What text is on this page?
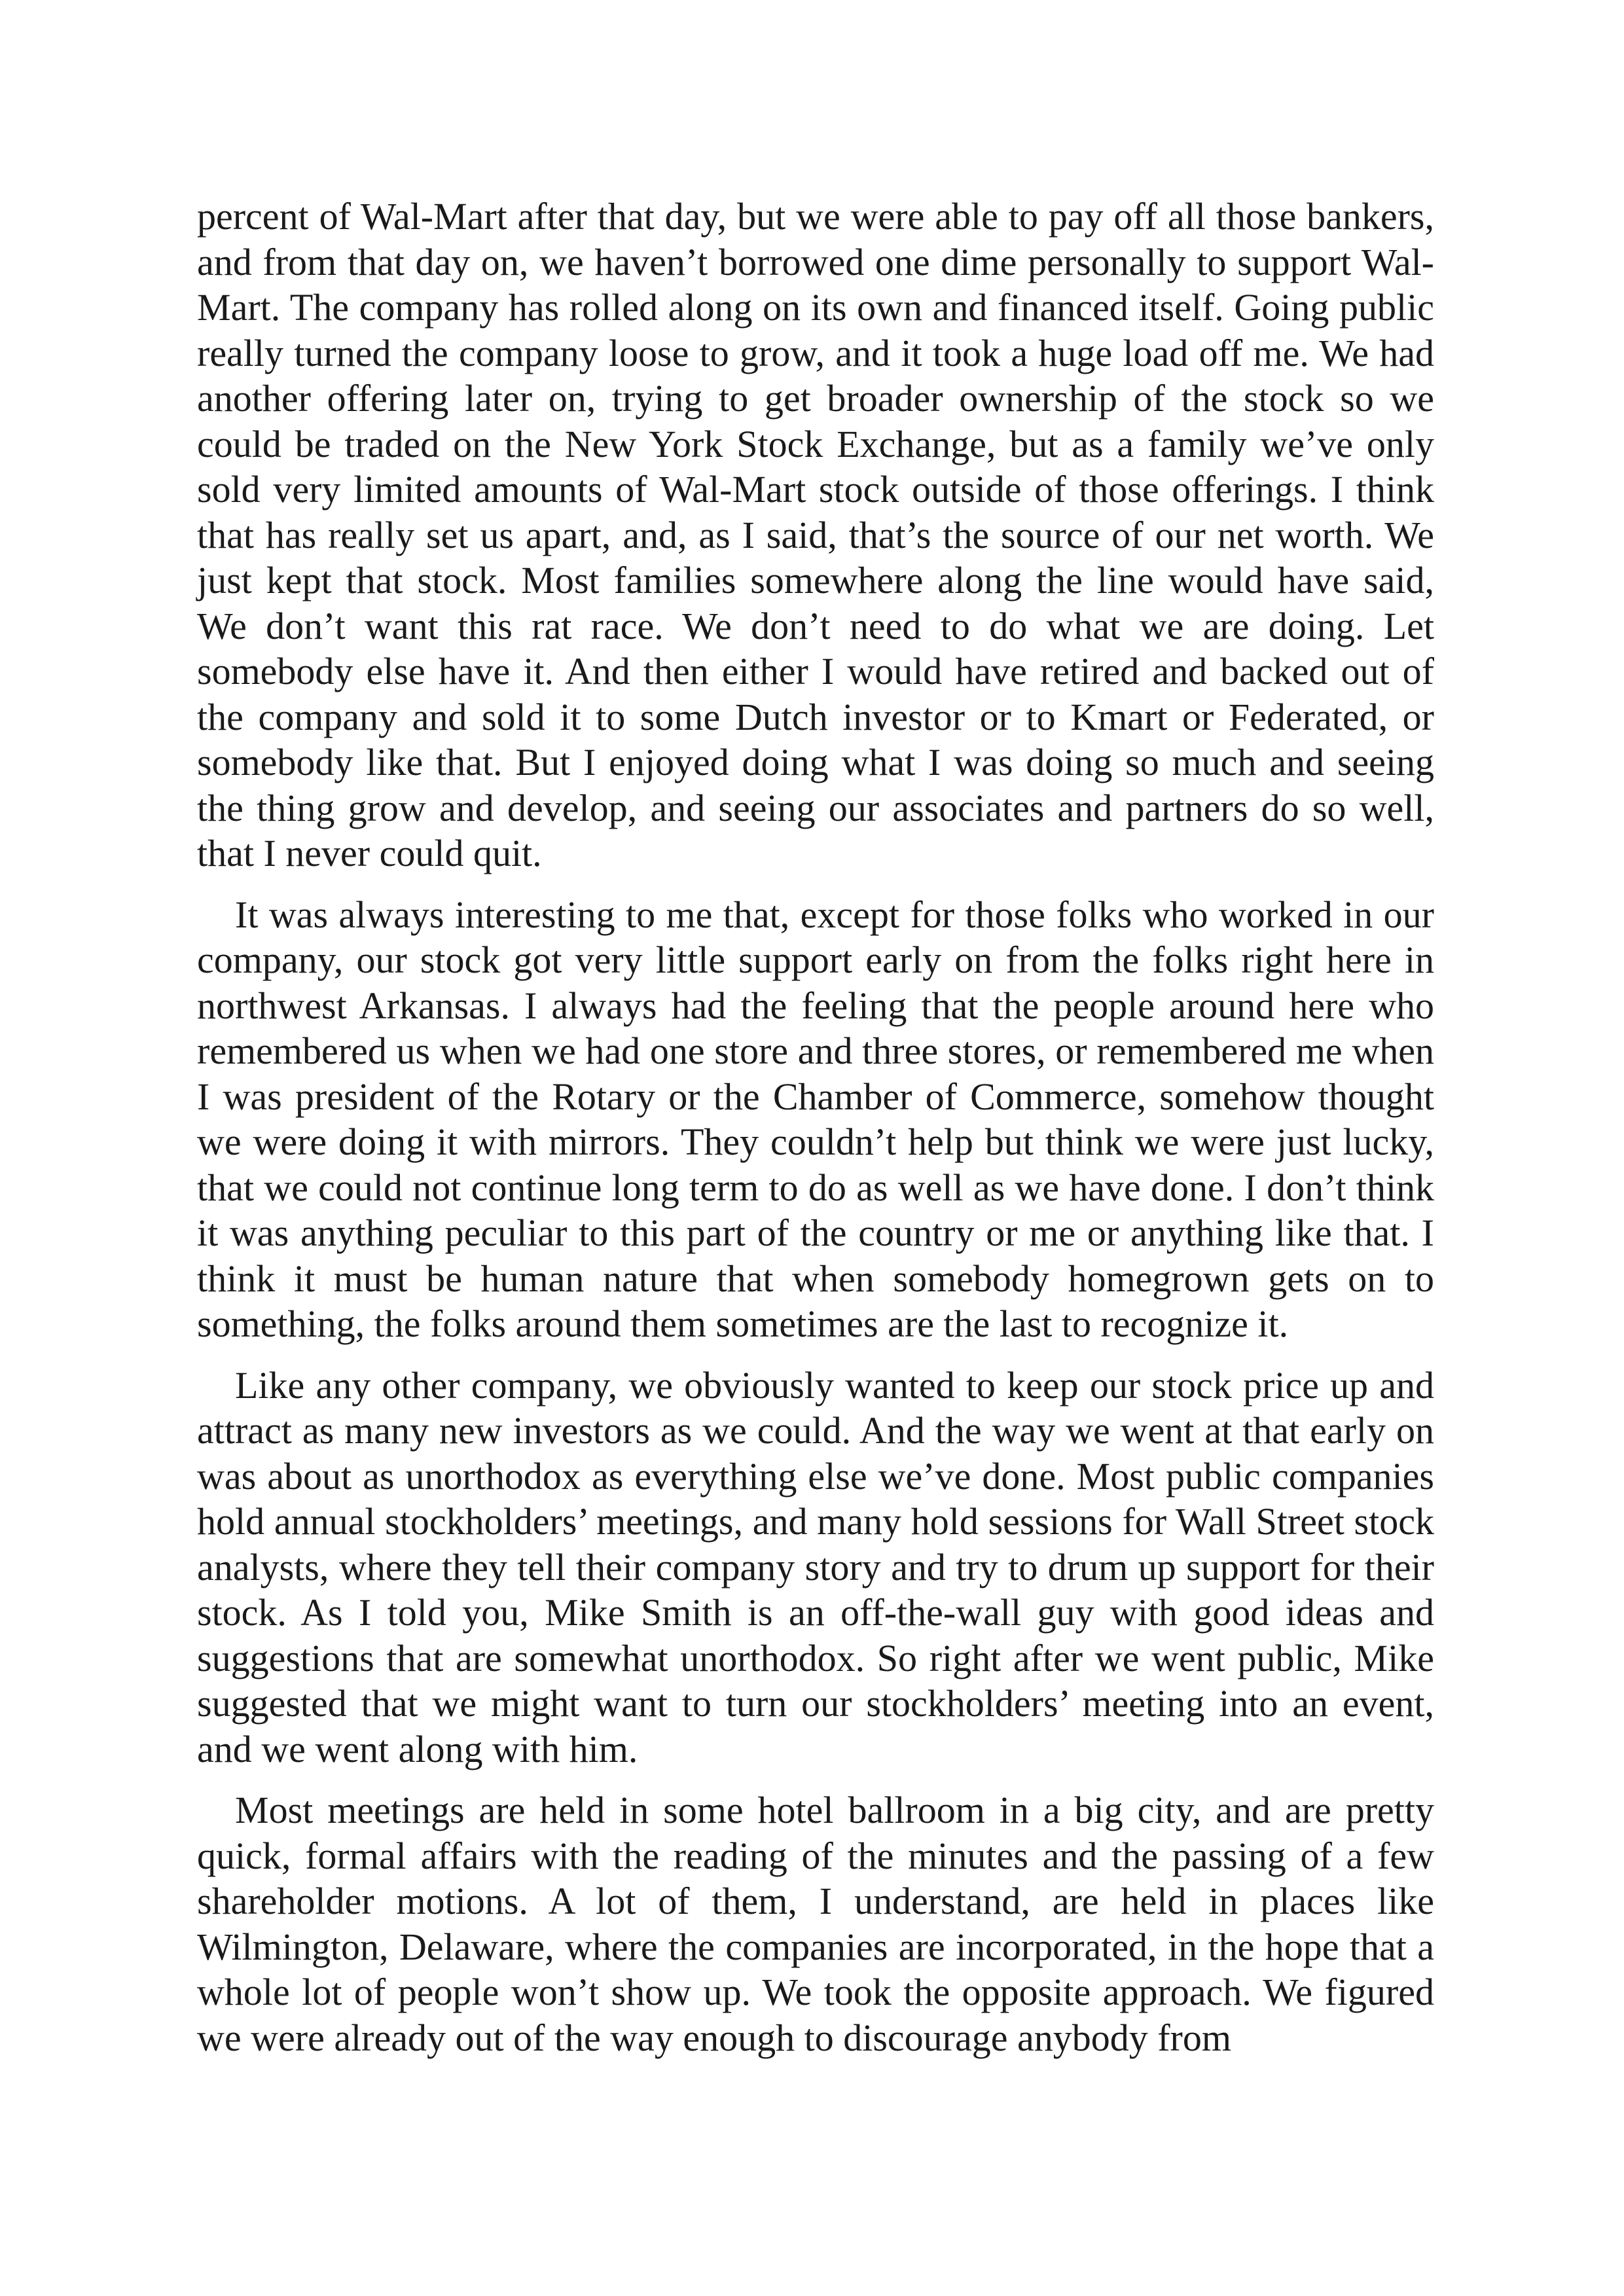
percent of Wal-Mart after that day, but we were able to pay off all those bankers, and from that day on, we haven’t borrowed one dime personally to support Wal-Mart. The company has rolled along on its own and financed itself. Going public really turned the company loose to grow, and it took a huge load off me. We had another offering later on, trying to get broader ownership of the stock so we could be traded on the New York Stock Exchange, but as a family we’ve only sold very limited amounts of Wal-Mart stock outside of those offerings. I think that has really set us apart, and, as I said, that’s the source of our net worth. We just kept that stock. Most families somewhere along the line would have said, We don’t want this rat race. We don’t need to do what we are doing. Let somebody else have it. And then either I would have retired and backed out of the company and sold it to some Dutch investor or to Kmart or Federated, or somebody like that. But I enjoyed doing what I was doing so much and seeing the thing grow and develop, and seeing our associates and partners do so well, that I never could quit.

It was always interesting to me that, except for those folks who worked in our company, our stock got very little support early on from the folks right here in northwest Arkansas. I always had the feeling that the people around here who remembered us when we had one store and three stores, or remembered me when I was president of the Rotary or the Chamber of Commerce, somehow thought we were doing it with mirrors. They couldn’t help but think we were just lucky, that we could not continue long term to do as well as we have done. I don’t think it was anything peculiar to this part of the country or me or anything like that. I think it must be human nature that when somebody homegrown gets on to something, the folks around them sometimes are the last to recognize it.

Like any other company, we obviously wanted to keep our stock price up and attract as many new investors as we could. And the way we went at that early on was about as unorthodox as everything else we’ve done. Most public companies hold annual stockholders’ meetings, and many hold sessions for Wall Street stock analysts, where they tell their company story and try to drum up support for their stock. As I told you, Mike Smith is an off-the-wall guy with good ideas and suggestions that are somewhat unorthodox. So right after we went public, Mike suggested that we might want to turn our stockholders’ meeting into an event, and we went along with him.

Most meetings are held in some hotel ballroom in a big city, and are pretty quick, formal affairs with the reading of the minutes and the passing of a few shareholder motions. A lot of them, I understand, are held in places like Wilmington, Delaware, where the companies are incorporated, in the hope that a whole lot of people won’t show up. We took the opposite approach. We figured we were already out of the way enough to discourage anybody from
